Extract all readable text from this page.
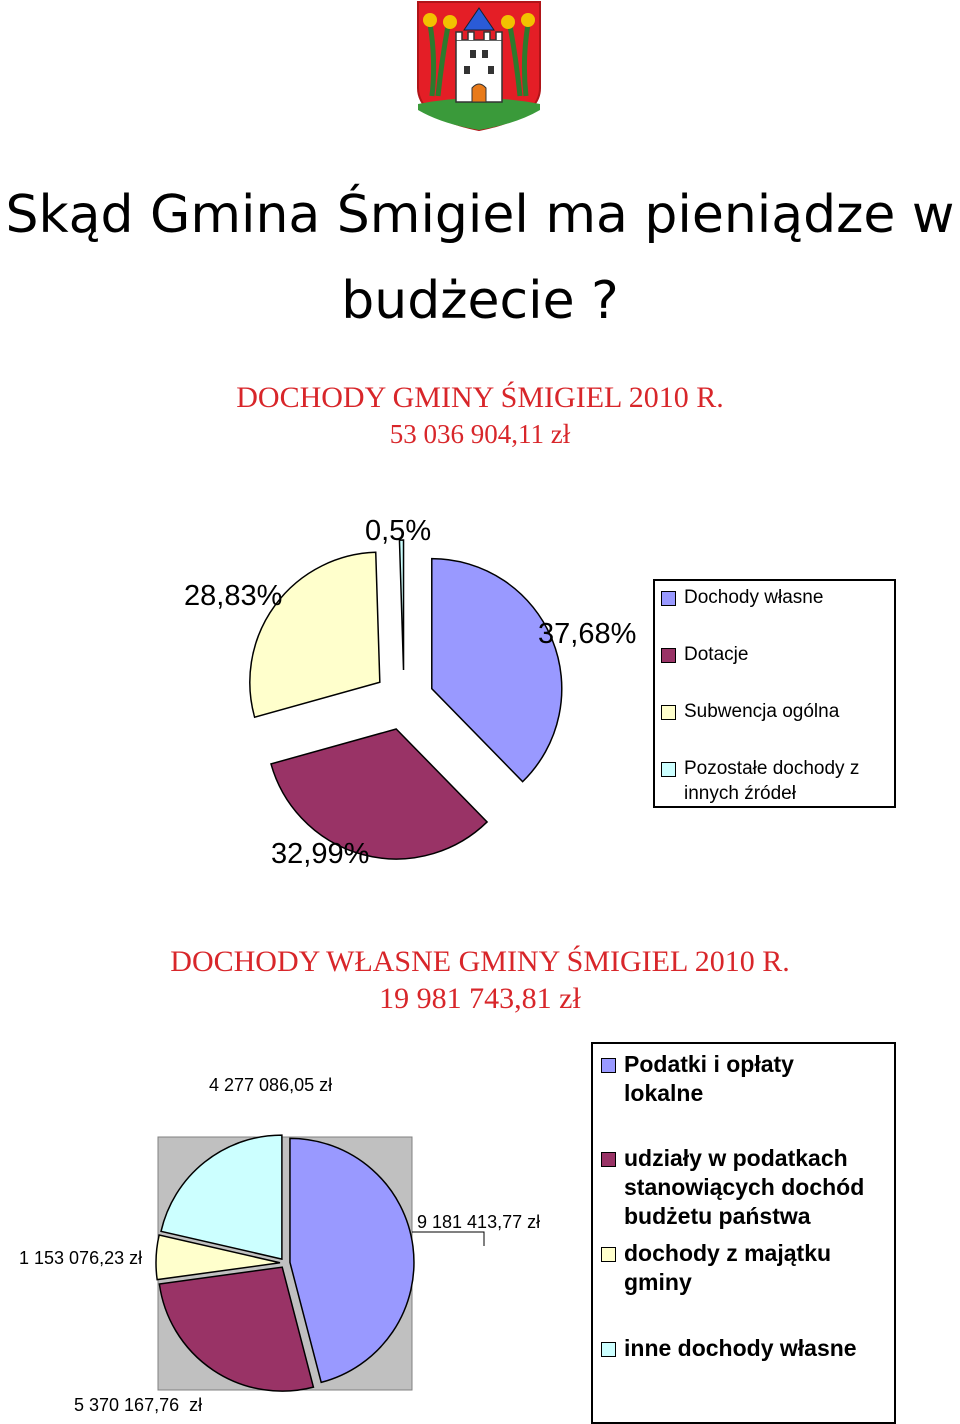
Skąd Gmina Śmigiel ma pieniądze w
budżecie ?
DOCHODY GMINY ŚMIGIEL 2010 R.
53 036 904,11 zł
28,83%
0,5%
37,68%
32,99%
Dochody własne
Dotacje
Subwencja ogólna
Pozostałe dochody z
innych źródeł
DOCHODY WŁASNE GMINY ŚMIGIEL 2010 R.
19 981 743,81 zł
4 277 086,05 zł
9 181 413,77 zł
1 153 076,23 zł
5 370 167,76  zł
Podatki i opłaty
lokalne
udziały w podatkach
stanowiących dochód
budżetu państwa
dochody z majątku
gminy
inne dochody własne
